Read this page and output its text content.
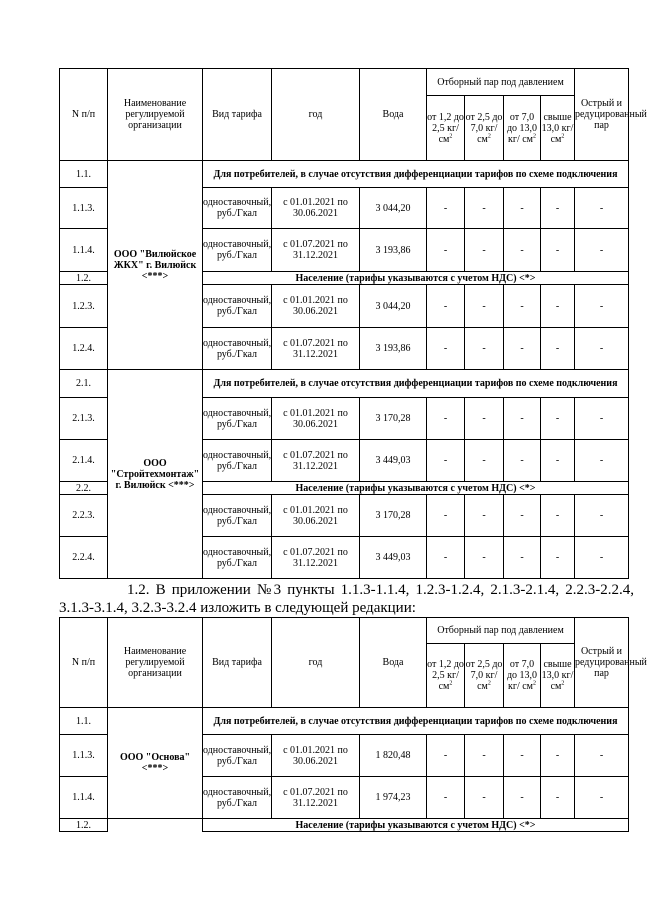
N п/п	Наименование регулируемой организации	Вид тарифа	год	Вода	Отборный пар под давлением				Острый и редуцированный пар
					от 1,2 до 2,5 кг/ $см^2$	от 2,5 до 7,0 кг/ $см^2$	от 7,0 до 13,0 кг/ $см^2$	свыше 13,0 кг/ $см^2$
1.1.	ООО "Вилюйское ЖКХ" г. Вилюйск <***>	Для потребителей, в случае отсутствия дифференциации тарифов по схеме подключения							
1.1.3.		одноставочный, руб./Гкал	с 01.01.2021 по 30.06.2021	3 044,20	-	-	-	-	-
1.1.4.		одноставочный, руб./Гкал	с 01.07.2021 по 31.12.2021	3 193,86	-	-	-	-	-
1.2.		Население (тарифы указываются с учетом НДС) <*>							
1.2.3.		одноставочный, руб./Гкал	с 01.01.2021 по 30.06.2021	3 044,20	-	-	-	-	-
1.2.4.		одноставочный, руб./Гкал	с 01.07.2021 по 31.12.2021	3 193,86	-	-	-	-	-
2.1.	ООО "Стройтехмонтаж" г. Вилюйск <***>	Для потребителей, в случае отсутствия дифференциации тарифов по схеме подключения							
2.1.3.		одноставочный, руб./Гкал	с 01.01.2021 по 30.06.2021	3 170,28	-	-	-	-	-
2.1.4.		одноставочный, руб./Гкал	с 01.07.2021 по 31.12.2021	3 449,03	-	-	-	-	-
2.2.		Население (тарифы указываются с учетом НДС) <*>							
2.2.3.		одноставочный, руб./Гкал	с 01.01.2021 по 30.06.2021	3 170,28	-	-	-	-	-
2.2.4.		одноставочный, руб./Гкал	с 01.07.2021 по 31.12.2021	3 449,03	-	-	-	-	-

1.2. В приложении №3 пункты 1.1.3-1.1.4, 1.2.3-1.2.4, 2.1.3-2.1.4, 2.2.3-2.2.4, 3.1.3-3.1.4, 3.2.3-3.2.4 изложить в следующей редакции:

N п/п	Наименование регулируемой организации	Вид тарифа	год	Вода	Отборный пар под давлением				Острый и редуцированный пар
					от 1,2 до 2,5 кг/ $см^2$	от 2,5 до 7,0 кг/ $см^2$	от 7,0 до 13,0 кг/ $см^2$	свыше 13,0 кг/ $см^2$
1.1.	ООО "Основа" <***>	Для потребителей, в случае отсутствия дифференциации тарифов по схеме подключения							
1.1.3.		одноставочный, руб./Гкал	с 01.01.2021 по 30.06.2021	1 820,48	-	-	-	-	-
1.1.4.		одноставочный, руб./Гкал	с 01.07.2021 по 31.12.2021	1 974,23	-	-	-	-	-
1.2.		Население (тарифы указываются с учетом НДС) <*>							
